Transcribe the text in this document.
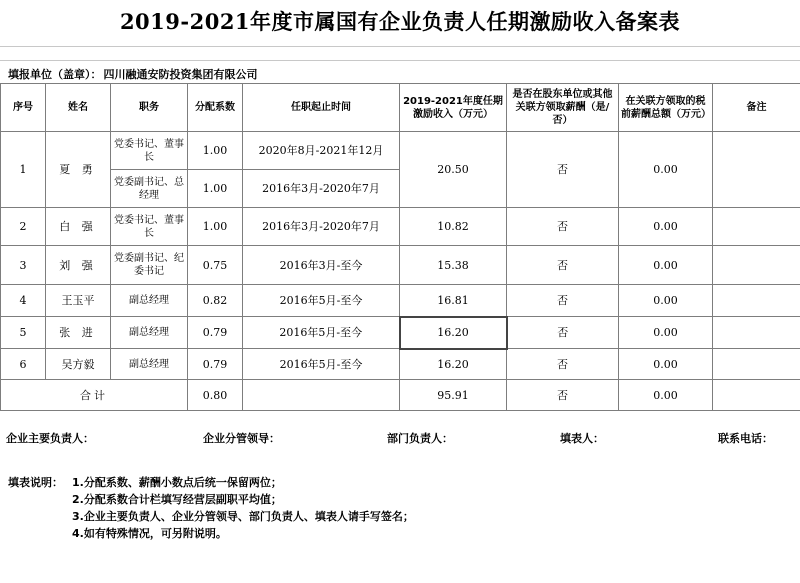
2019-2021年度市属国有企业负责人任期激励收入备案表
填报单位（盖章）： 四川融通安防投资集团有限公司
序号	姓名	职务	分配系数	任职起止时间	2019-2021年度任期激励收入（万元）	是否在股东单位或其他关联方领取薪酬（是/否）	在关联方领取的税前薪酬总额（万元）	备注
1	夏 勇	党委书记、董事长	1.00	2020年8月-2021年12月	20.50	否	0.00	
		党委副书记、总经理	1.00	2016年3月-2020年7月				
2	白 强	党委书记、董事长	1.00	2016年3月-2020年7月	10.82	否	0.00	
3	刘 强	党委副书记、纪委书记	0.75	2016年3月-至今	15.38	否	0.00	
4	王玉平	副总经理	0.82	2016年5月-至今	16.81	否	0.00	
5	张 进	副总经理	0.79	2016年5月-至今	16.20	否	0.00	
6	吴方毅	副总经理	0.79	2016年5月-至今	16.20	否	0.00	
合计			0.80		95.91	否	0.00	
企业主要负责人：	企业分管领导：	部门负责人：	填表人：	联系电话：
填表说明： 1.分配系数、薪酬小数点后统一保留两位；
2.分配系数合计栏填写经营层副职平均值；
3.企业主要负责人、企业分管领导、部门负责人、填表人请手写签名；
4.如有特殊情况，可另附说明。
